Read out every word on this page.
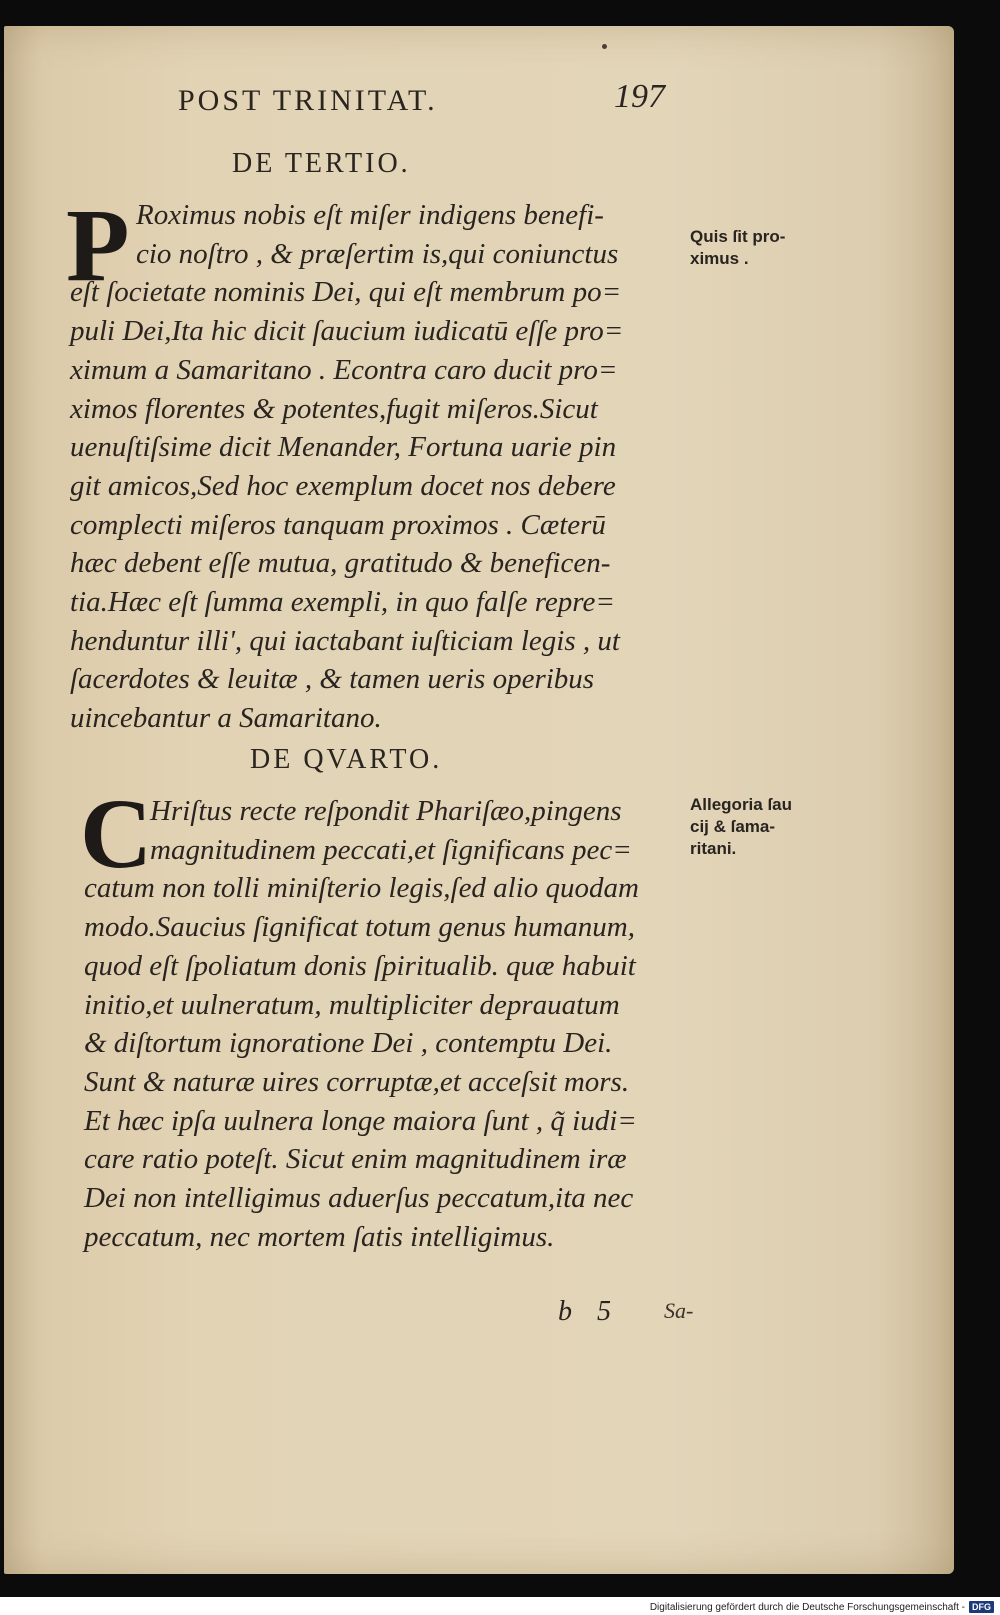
POST TRINITAT.	197
DE TERTIO.
P Roximus nobis eſt miſer indigens benefi-
cio noſtro , & præſertim is,qui coniunctus
eſt ſocietate nominis Dei, qui eſt membrum po=
puli Dei,Ita hic dicit ſaucium iudicatū eſſe pro=
ximum a Samaritano . Econtra caro ducit pro=
ximos florentes & potentes,fugit miſeros.Sicut
uenuſtiſsime dicit Menander, Fortuna uarie pin
git amicos,Sed hoc exemplum docet nos debere
complecti miſeros tanquam proximos . Cæterū
hæc debent eſſe mutua, gratitudo & beneficen-
tia.Hæc eſt ſumma exempli, in quo falſe repre=
henduntur illi', qui iactabant iuſticiam legis , ut
ſacerdotes & leuitæ , & tamen ueris operibus
uincebantur a Samaritano.
Quis ſit pro-
ximus .
DE QVARTO.
C
Hriſtus recte reſpondit Phariſæo,pingens
magnitudinem peccati,et ſignificans pec=
catum non tolli miniſterio legis,ſed alio quodam
modo.Saucius ſignificat totum genus humanum,
quod eſt ſpoliatum donis ſpiritualib. quæ habuit
initio,et uulneratum, multipliciter deprauatum
& diſtortum ignoratione Dei , contemptu Dei.
Sunt & naturæ uires corruptæ,et acceſsit mors.
Et hæc ipſa uulnera longe maiora ſunt , q̃ iudi=
care ratio poteſt. Sicut enim magnitudinem iræ
Dei non intelligimus aduerſus peccatum,ita nec
peccatum, nec mortem ſatis intelligimus.
Allegoria ſau
cij & ſama-
ritani.
b 5 Sa-
Digitalisierung gefördert durch die Deutsche Forschungsgemeinschaft - DFG
